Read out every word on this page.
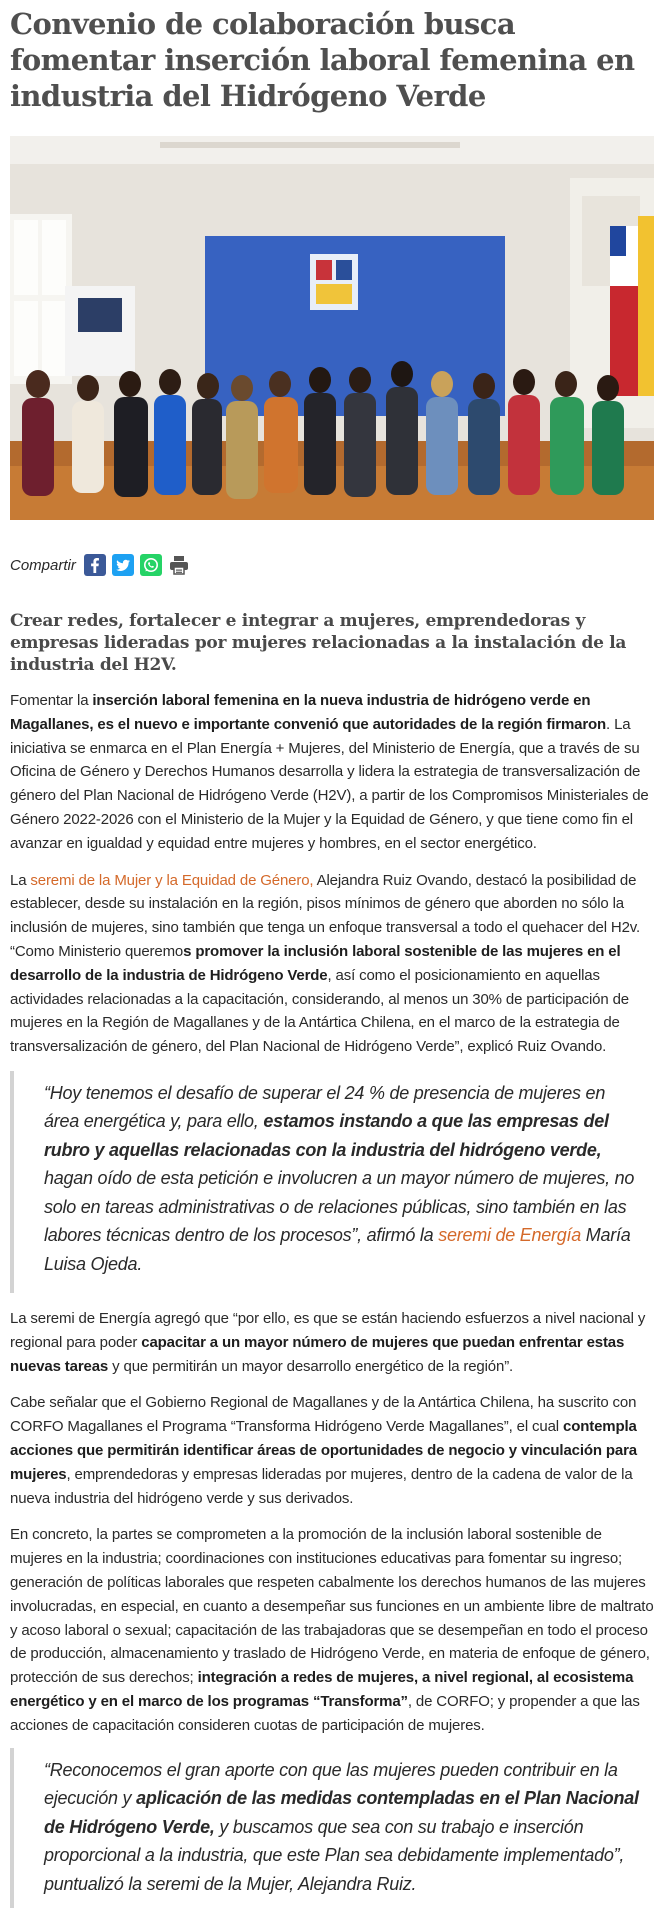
Convenio de colaboración busca fomentar inserción laboral femenina en industria del Hidrógeno Verde
Compartir
Crear redes, fortalecer e integrar a mujeres, emprendedoras y empresas lideradas por mujeres relacionadas a la instalación de la industria del H2V.

Fomentar la inserción laboral femenina en la nueva industria de hidrógeno verde en Magallanes, es el nuevo e importante convenió que autoridades de la región firmaron. La iniciativa se enmarca en el Plan Energía + Mujeres, del Ministerio de Energía, que a través de su Oficina de Género y Derechos Humanos desarrolla y lidera la estrategia de transversalización de género del Plan Nacional de Hidrógeno Verde (H2V), a partir de los Compromisos Ministeriales de Género 2022-2026 con el Ministerio de la Mujer y la Equidad de Género, y que tiene como fin el avanzar en igualdad y equidad entre mujeres y hombres, en el sector energético.

La seremi de la Mujer y la Equidad de Género, Alejandra Ruiz Ovando, destacó la posibilidad de establecer, desde su instalación en la región, pisos mínimos de género que aborden no sólo la inclusión de mujeres, sino también que tenga un enfoque transversal a todo el quehacer del H2v. “Como Ministerio queremos promover la inclusión laboral sostenible de las mujeres en el desarrollo de la industria de Hidrógeno Verde, así como el posicionamiento en aquellas actividades relacionadas a la capacitación, considerando, al menos un 30% de participación de mujeres en la Región de Magallanes y de la Antártica Chilena, en el marco de la estrategia de transversalización de género, del Plan Nacional de Hidrógeno Verde”, explicó Ruiz Ovando.

“Hoy tenemos el desafío de superar el 24 % de presencia de mujeres en área energética y, para ello, estamos instando a que las empresas del rubro y aquellas relacionadas con la industria del hidrógeno verde, hagan oído de esta petición e involucren a un mayor número de mujeres, no solo en tareas administrativas o de relaciones públicas, sino también en las labores técnicas dentro de los procesos”, afirmó la seremi de Energía María Luisa Ojeda.

La seremi de Energía agregó que “por ello, es que se están haciendo esfuerzos a nivel nacional y regional para poder capacitar a un mayor número de mujeres que puedan enfrentar estas nuevas tareas y que permitirán un mayor desarrollo energético de la región”.

Cabe señalar que el Gobierno Regional de Magallanes y de la Antártica Chilena, ha suscrito con CORFO Magallanes el Programa “Transforma Hidrógeno Verde Magallanes”, el cual contempla acciones que permitirán identificar áreas de oportunidades de negocio y vinculación para mujeres, emprendedoras y empresas lideradas por mujeres, dentro de la cadena de valor de la nueva industria del hidrógeno verde y sus derivados.

En concreto, la partes se comprometen a la promoción de la inclusión laboral sostenible de mujeres en la industria; coordinaciones con instituciones educativas para fomentar su ingreso; generación de políticas laborales que respeten cabalmente los derechos humanos de las mujeres involucradas, en especial, en cuanto a desempeñar sus funciones en un ambiente libre de maltrato y acoso laboral o sexual; capacitación de las trabajadoras que se desempeñan en todo el proceso de producción, almacenamiento y traslado de Hidrógeno Verde, en materia de enfoque de género, protección de sus derechos; integración a redes de mujeres, a nivel regional, al ecosistema energético y en el marco de los programas “Transforma”, de CORFO; y propender a que las acciones de capacitación consideren cuotas de participación de mujeres.

“Reconocemos el gran aporte con que las mujeres pueden contribuir en la ejecución y aplicación de las medidas contempladas en el Plan Nacional de Hidrógeno Verde, y buscamos que sea con su trabajo e inserción proporcional a la industria, que este Plan sea debidamente implementado”, puntualizó la seremi de la Mujer, Alejandra Ruiz.
